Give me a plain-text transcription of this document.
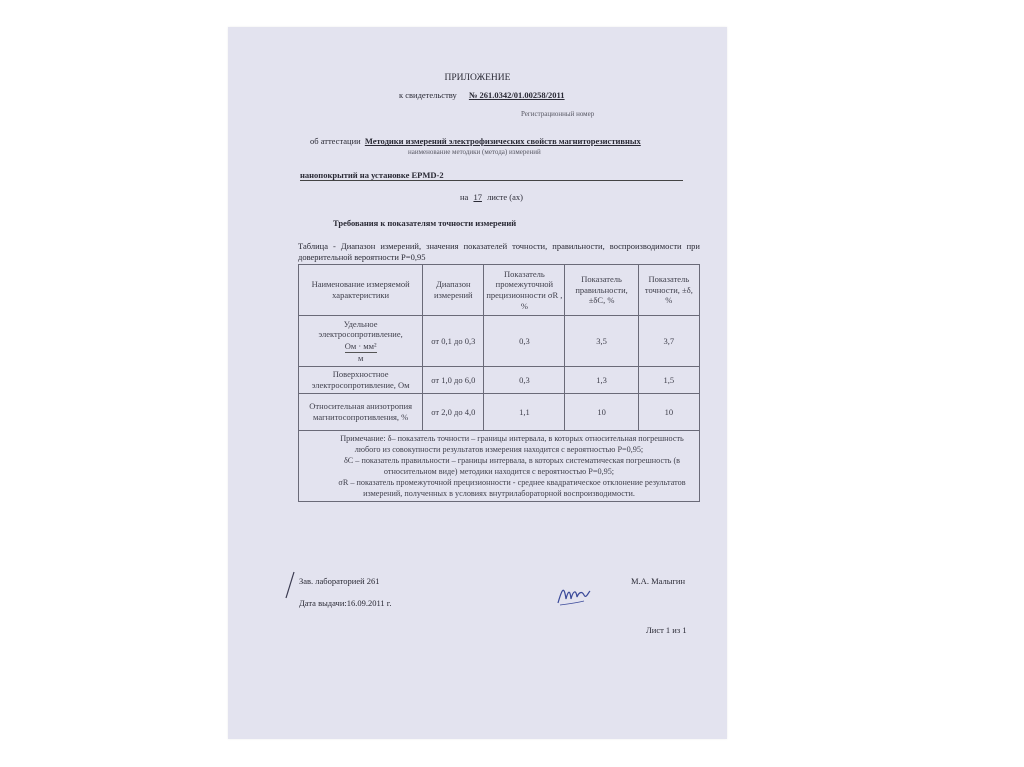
ПРИЛОЖЕНИЕ
к свидетельству № 261.0342/01.00258/2011
Регистрационный номер
об аттестации Методики измерений электрофизических свойств магниторезистивных
наименование методики (метода) измерений
нанопокрытий на установке EPMD-2
на 17 листе (ах)
Требования к показателям точности измерений
Таблица - Диапазон измерений, значения показателей точности, правильности, воспроизводимости при доверительной вероятности P=0,95
Наименование измеряемой характеристики	Диапазон измерений	Показатель промежуточной прецизионности σR , %	Показатель правильности, ±δC, %	Показатель точности, ±δ, %

Удельное электросопротивление,
Ом · мм²
м	от 0,1 до 0,3	0,3	3,5	3,7
Поверхностное электросопротивление, Ом	от 1,0 до 6,0	0,3	1,3	1,5
Относительная анизотропия магнитосопротивления, %	от 2,0 до 4,0	1,1	10	10

Примечание: δ– показатель точности – границы интервала, в которых относительная погрешность любого из совокупности результатов измерения находится с вероятностью P=0,95;

δC – показатель правильности – границы интервала, в которых систематическая погрешность (в относительном виде) методики находится с вероятностью P=0,95;

σR – показатель промежуточной прецизионности - среднее квадратическое отклонение результатов измерений, полученных в условиях внутрилабораторной воспроизводимости.				

Зав. лабораторией 261
Дата выдачи:16.09.2011 г.
М.А. Малыгин
Лист 1 из 1
